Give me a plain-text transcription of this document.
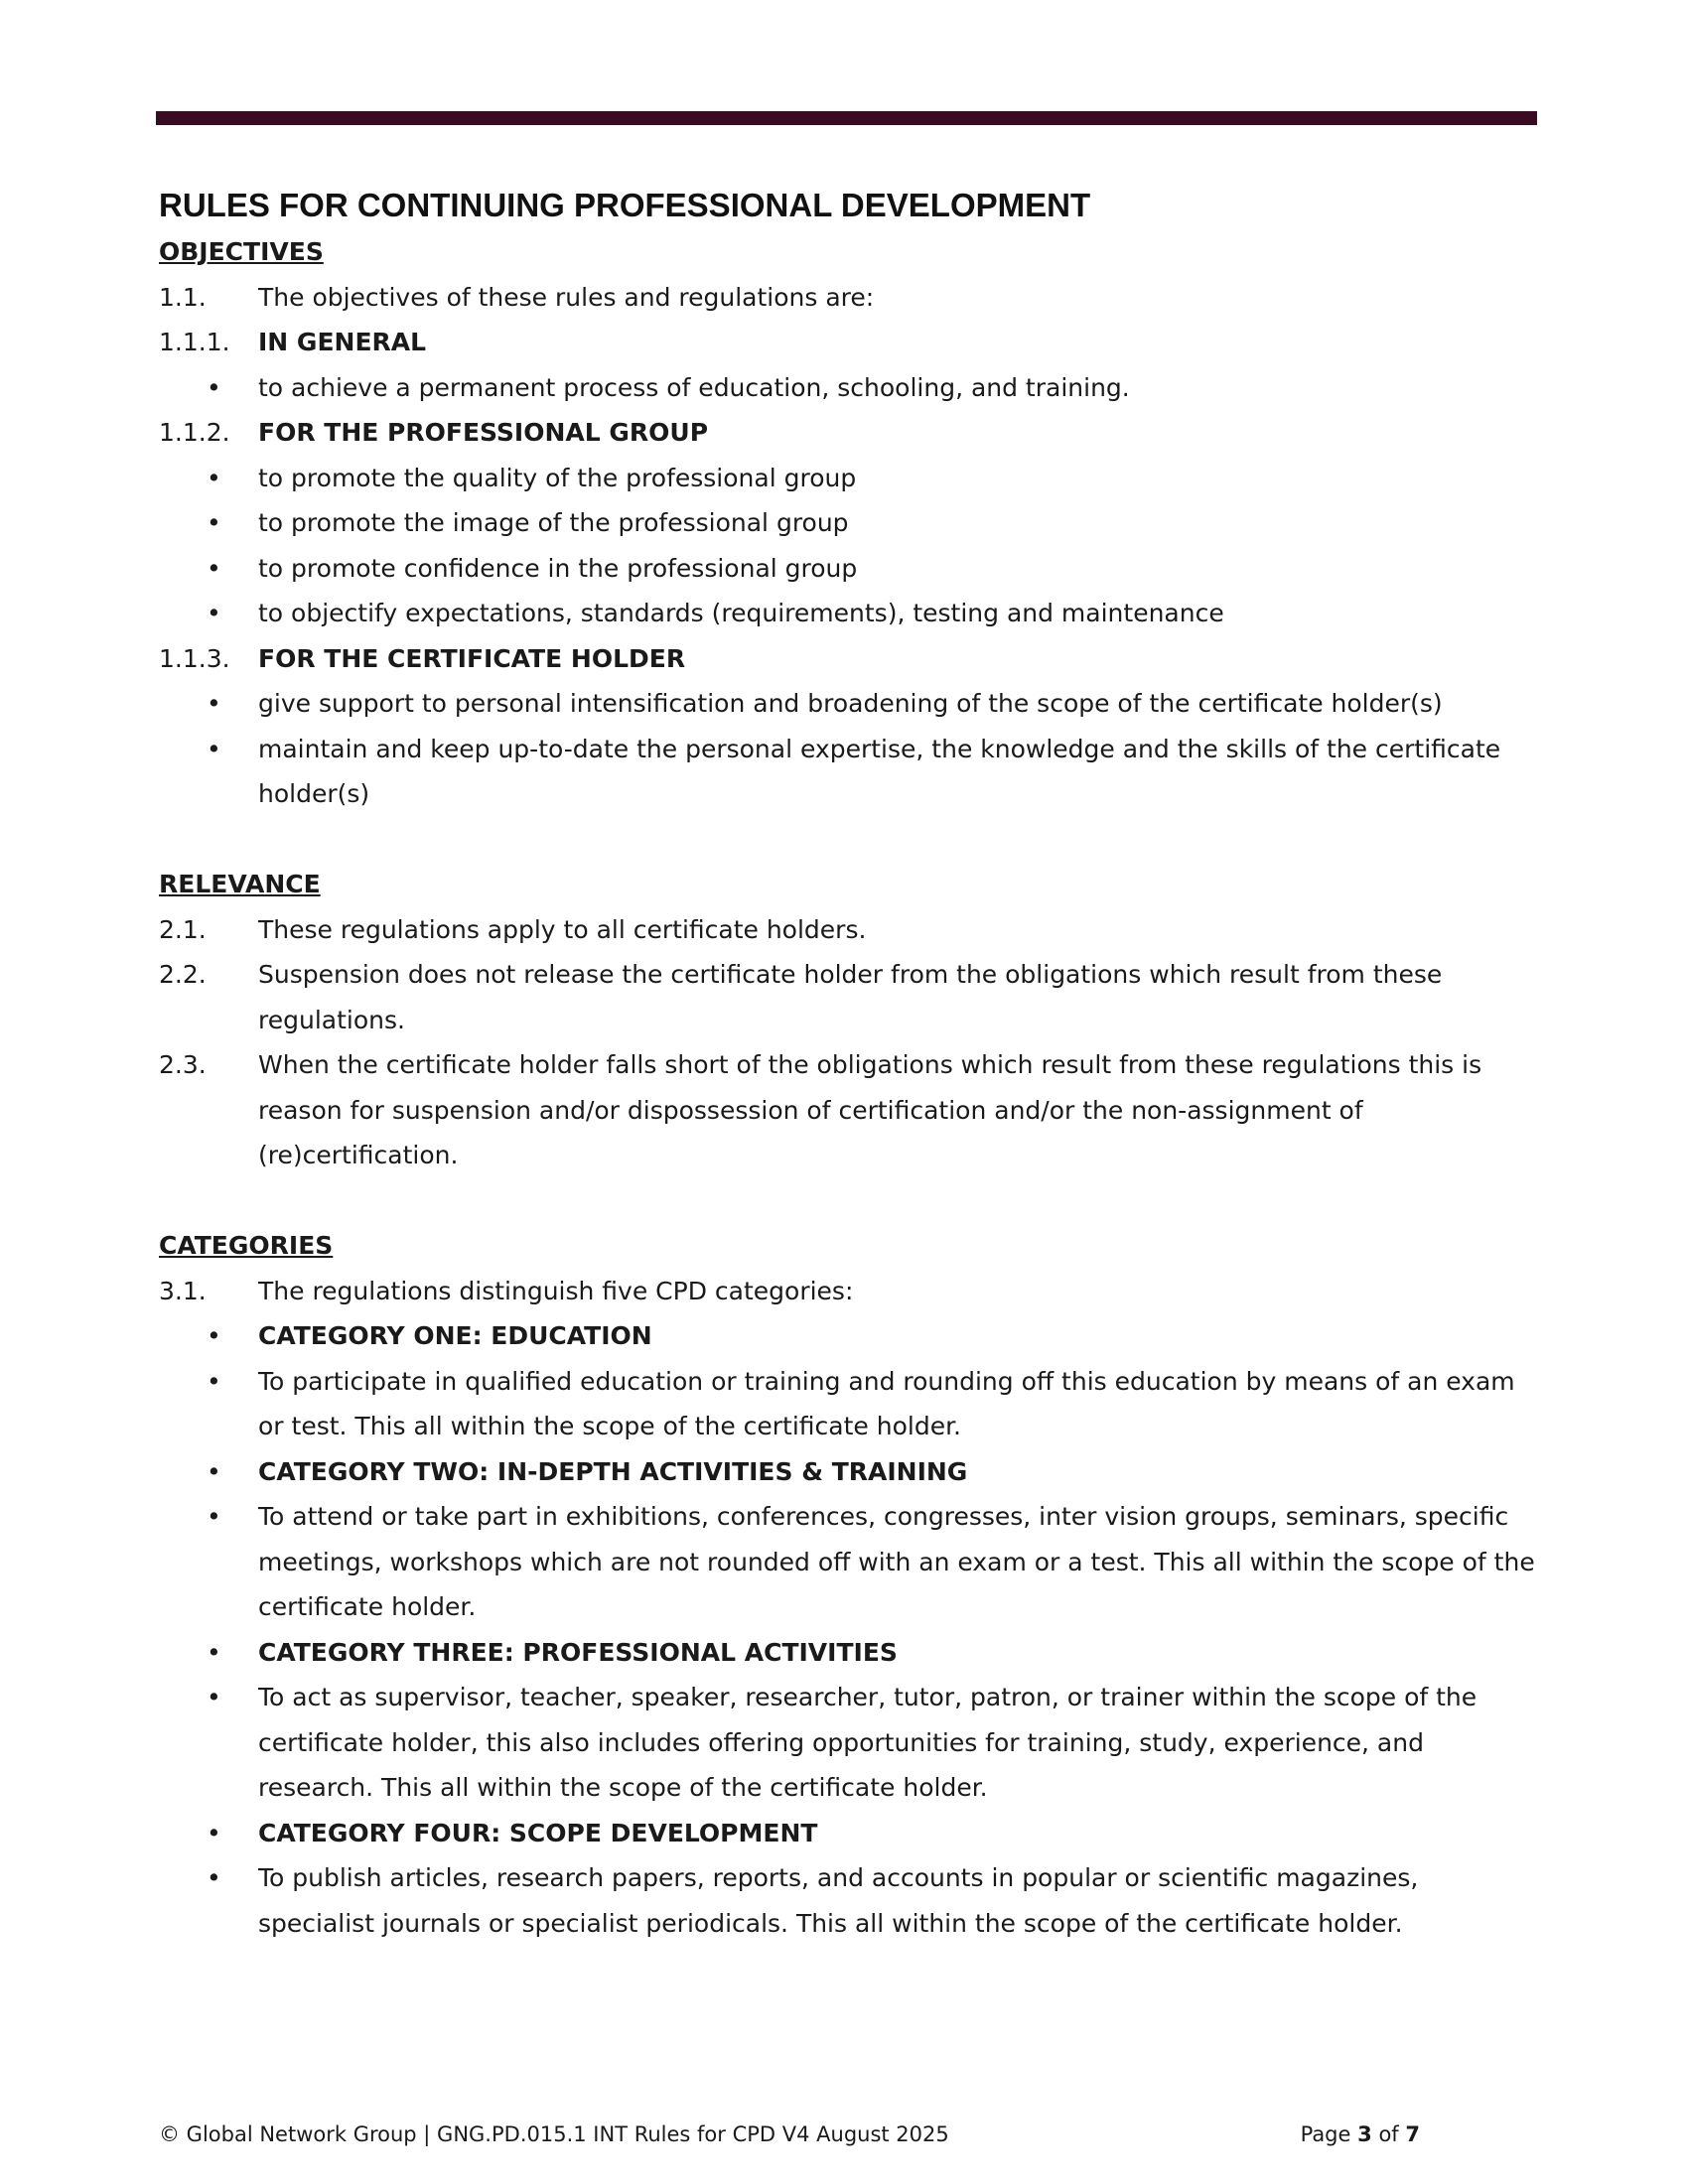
RULES FOR CONTINUING PROFESSIONAL DEVELOPMENT
OBJECTIVES
1.1.	The objectives of these rules and regulations are:
1.1.1.	IN GENERAL
•	to achieve a permanent process of education, schooling, and training.
1.1.2.	FOR THE PROFESSIONAL GROUP
•	to promote the quality of the professional group
•	to promote the image of the professional group
•	to promote confidence in the professional group
•	to objectify expectations, standards (requirements), testing and maintenance
1.1.3.	FOR THE CERTIFICATE HOLDER
•	give support to personal intensification and broadening of the scope of the certificate holder(s)
•	maintain and keep up-to-date the personal expertise, the knowledge and the skills of the certificate holder(s)
RELEVANCE
2.1.	These regulations apply to all certificate holders.
2.2.	Suspension does not release the certificate holder from the obligations which result from these regulations.
2.3.	When the certificate holder falls short of the obligations which result from these regulations this is reason for suspension and/or dispossession of certification and/or the non-assignment of (re)certification.
CATEGORIES
3.1.	The regulations distinguish five CPD categories:
•	CATEGORY ONE: EDUCATION
•	To participate in qualified education or training and rounding off this education by means of an exam or test. This all within the scope of the certificate holder.
•	CATEGORY TWO: IN-DEPTH ACTIVITIES & TRAINING
•	To attend or take part in exhibitions, conferences, congresses, inter vision groups, seminars, specific meetings, workshops which are not rounded off with an exam or a test. This all within the scope of the certificate holder.
•	CATEGORY THREE: PROFESSIONAL ACTIVITIES
•	To act as supervisor, teacher, speaker, researcher, tutor, patron, or trainer within the scope of the certificate holder, this also includes offering opportunities for training, study, experience, and research. This all within the scope of the certificate holder.
•	CATEGORY FOUR: SCOPE DEVELOPMENT
•	To publish articles, research papers, reports, and accounts in popular or scientific magazines, specialist journals or specialist periodicals. This all within the scope of the certificate holder.
© Global Network Group | GNG.PD.015.1 INT Rules for CPD V4 August 2025	Page 3 of 7
